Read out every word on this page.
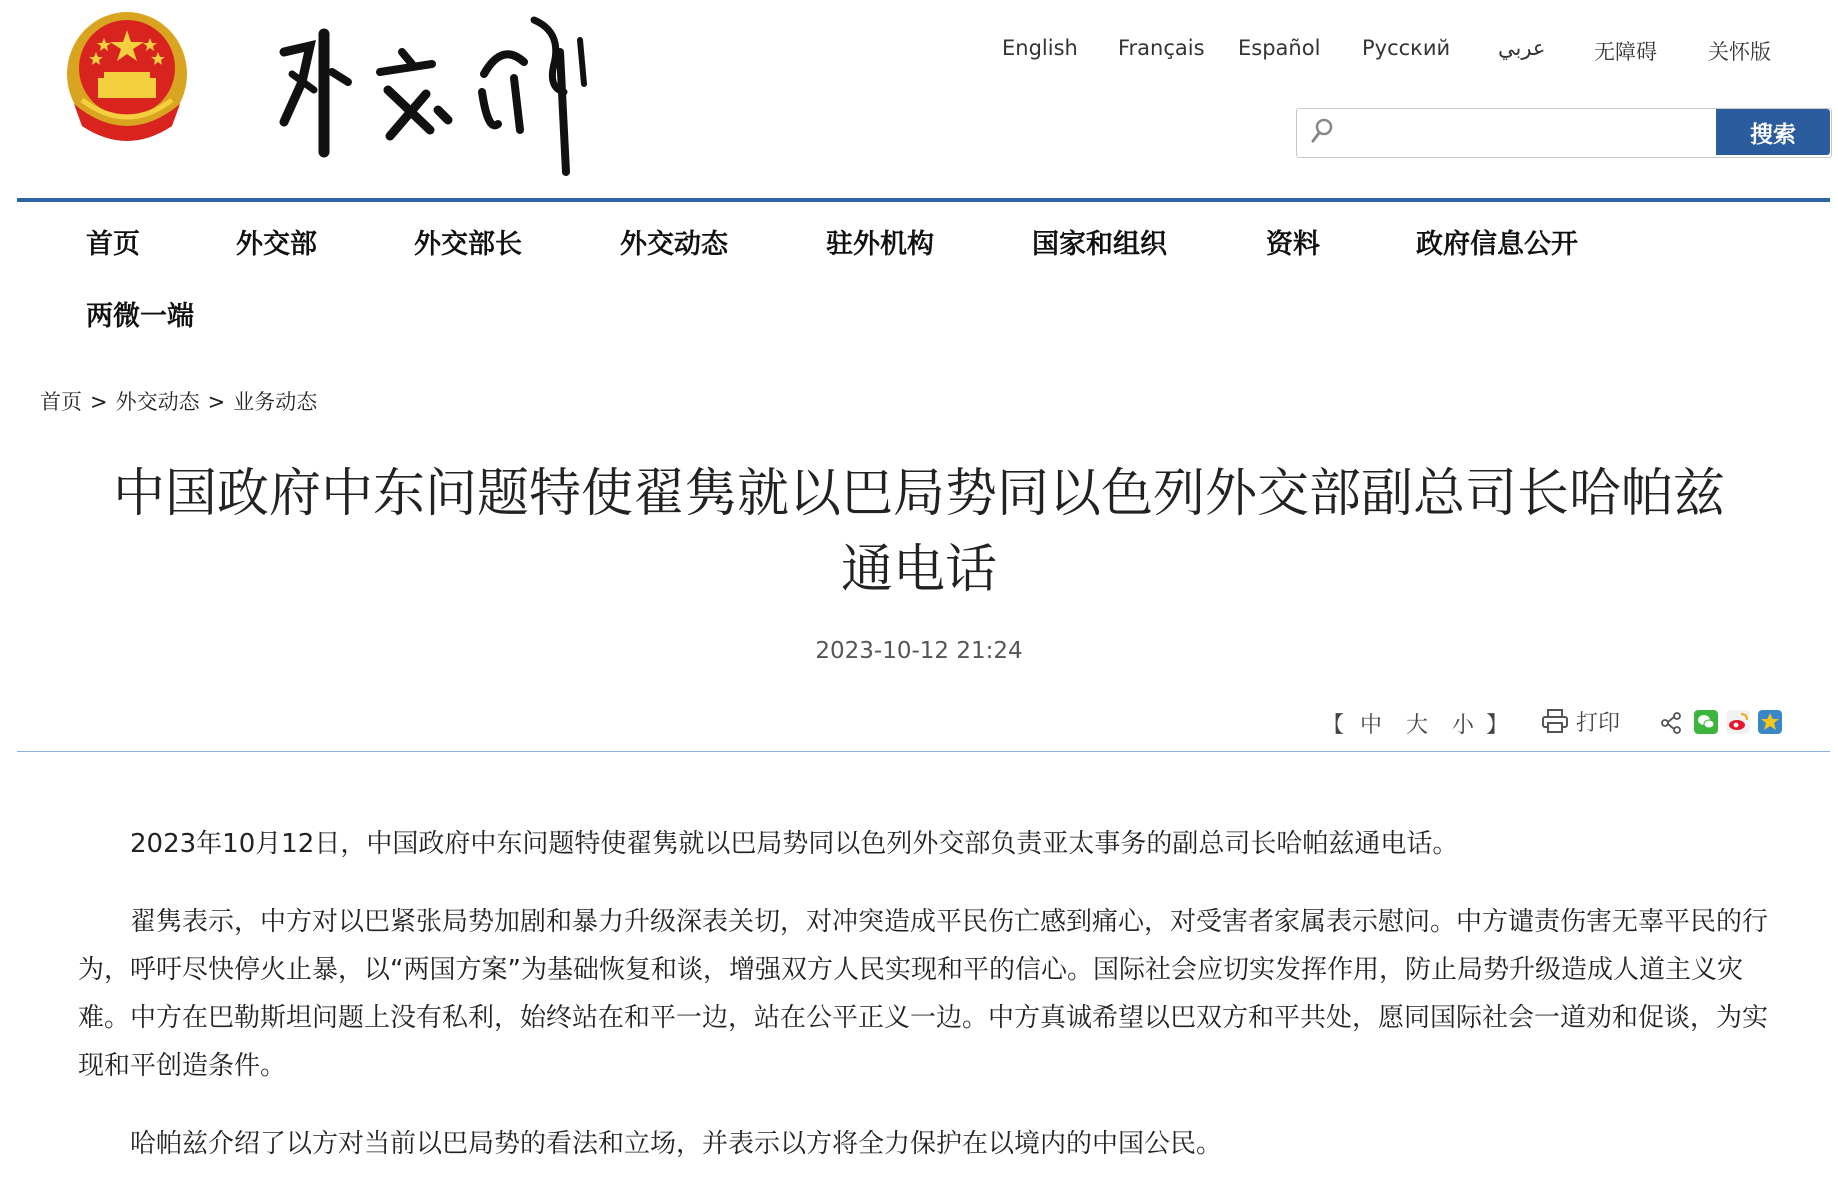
English Français Español Русский عربي 无障碍 关怀版
搜索
首页	外交部	外交部长	外交动态	驻外机构	国家和组织	资料	政府信息公开
两微一端
首页 > 外交动态 > 业务动态
中国政府中东问题特使翟隽就以巴局势同以色列外交部副总司长哈帕兹
通电话
2023-10-12 21:24
【 中 大 小 】	打印

2023年10月12日，中国政府中东问题特使翟隽就以巴局势同以色列外交部负责亚太事务的副总司长哈帕兹通电话。

翟隽表示，中方对以巴紧张局势加剧和暴力升级深表关切，对冲突造成平民伤亡感到痛心，对受害者家属表示慰问。中方谴责伤害无辜平民的行为，呼吁尽快停火止暴，以“两国方案”为基础恢复和谈，增强双方人民实现和平的信心。国际社会应切实发挥作用，防止局势升级造成人道主义灾难。中方在巴勒斯坦问题上没有私利，始终站在和平一边，站在公平正义一边。中方真诚希望以巴双方和平共处，愿同国际社会一道劝和促谈，为实现和平创造条件。

哈帕兹介绍了以方对当前以巴局势的看法和立场，并表示以方将全力保护在以境内的中国公民。
